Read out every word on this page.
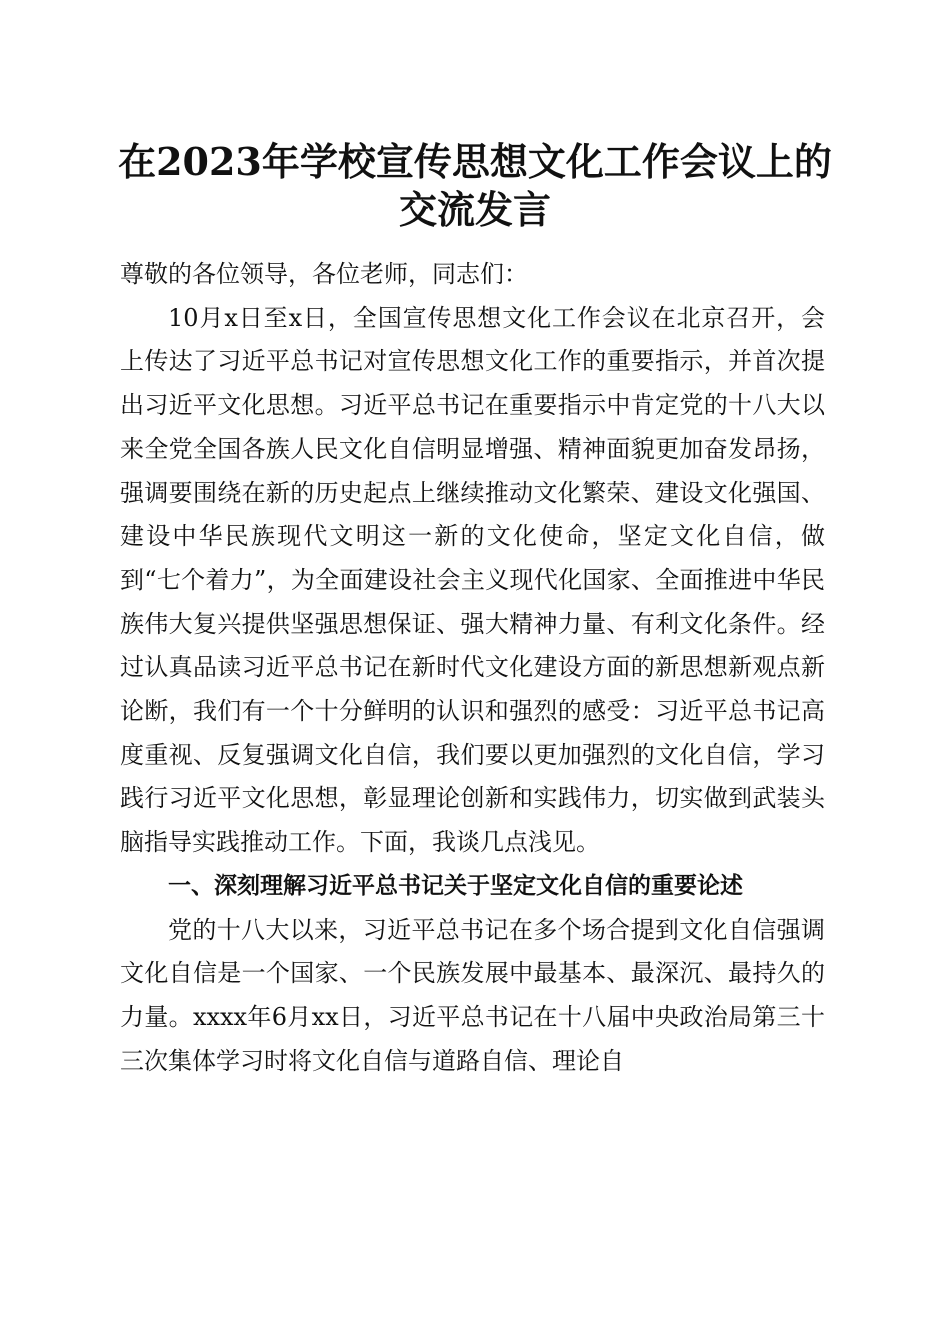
在2023年学校宣传思想文化工作会议上的交流发言

尊敬的各位领导，各位老师，同志们：

10月x日至x日，全国宣传思想文化工作会议在北京召开，会上传达了习近平总书记对宣传思想文化工作的重要指示，并首次提出习近平文化思想。习近平总书记在重要指示中肯定党的十八大以来全党全国各族人民文化自信明显增强、精神面貌更加奋发昂扬，强调要围绕在新的历史起点上继续推动文化繁荣、建设文化强国、建设中华民族现代文明这一新的文化使命，坚定文化自信，做到“七个着力”，为全面建设社会主义现代化国家、全面推进中华民族伟大复兴提供坚强思想保证、强大精神力量、有利文化条件。经过认真品读习近平总书记在新时代文化建设方面的新思想新观点新论断，我们有一个十分鲜明的认识和强烈的感受：习近平总书记高度重视、反复强调文化自信，我们要以更加强烈的文化自信，学习践行习近平文化思想，彰显理论创新和实践伟力，切实做到武装头脑指导实践推动工作。下面，我谈几点浅见。

一、深刻理解习近平总书记关于坚定文化自信的重要论述

党的十八大以来，习近平总书记在多个场合提到文化自信强调文化自信是一个国家、一个民族发展中最基本、最深沉、最持久的力量。xxxx年6月xx日，习近平总书记在十八届中央政治局第三十三次集体学习时将文化自信与道路自信、理论自
